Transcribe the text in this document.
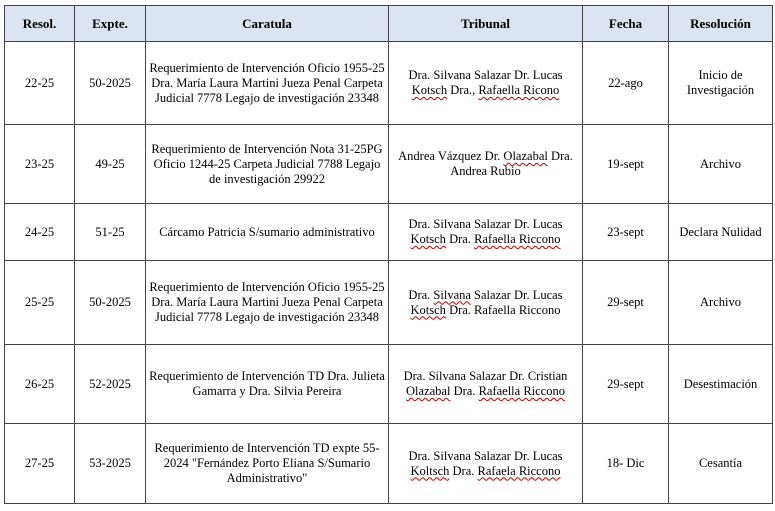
Resol.	Expte.	Caratula	Tribunal	Fecha	Resolución
22-25	50-2025	Requerimiento de Intervención Oficio 1955-25 Dra. María Laura Martini Jueza Penal Carpeta Judicial 7778 Legajo de investigación 23348	Dra. Silvana Salazar Dr. Lucas Kotsch Dra., Rafaella Ricono	22-ago	Inicio de Investigación
23-25	49-25	Requerimiento de Intervención Nota 31-25PG Oficio 1244-25 Carpeta Judicial 7788 Legajo de investigación 29922	Andrea Vázquez Dr. Olazabal Dra. Andrea Rubio	19-sept	Archivo
24-25	51-25	Cárcamo Patricia S/sumario administrativo	Dra. Silvana Salazar Dr. Lucas Kotsch Dra. Rafaella Riccono	23-sept	Declara Nulidad
25-25	50-2025	Requerimiento de Intervención Oficio 1955-25 Dra. María Laura Martini Jueza Penal Carpeta Judicial 7778 Legajo de investigación 23348	Dra. Silvana Salazar Dr. Lucas Kotsch Dra. Rafaella Riccono	29-sept	Archivo
26-25	52-2025	Requerimiento de Intervención TD Dra. Julieta Gamarra y Dra. Silvia Pereira	Dra. Silvana Salazar Dr. Cristian Olazabal Dra. Rafaella Riccono	29-sept	Desestimación
27-25	53-2025	Requerimiento de Intervención TD expte 55-2024 "Fernández Porto Eliana S/Sumario Administrativo"	Dra. Silvana Salazar Dr. Lucas Koltsch Dra. Rafaela Riccono	18- Dic	Cesantía
